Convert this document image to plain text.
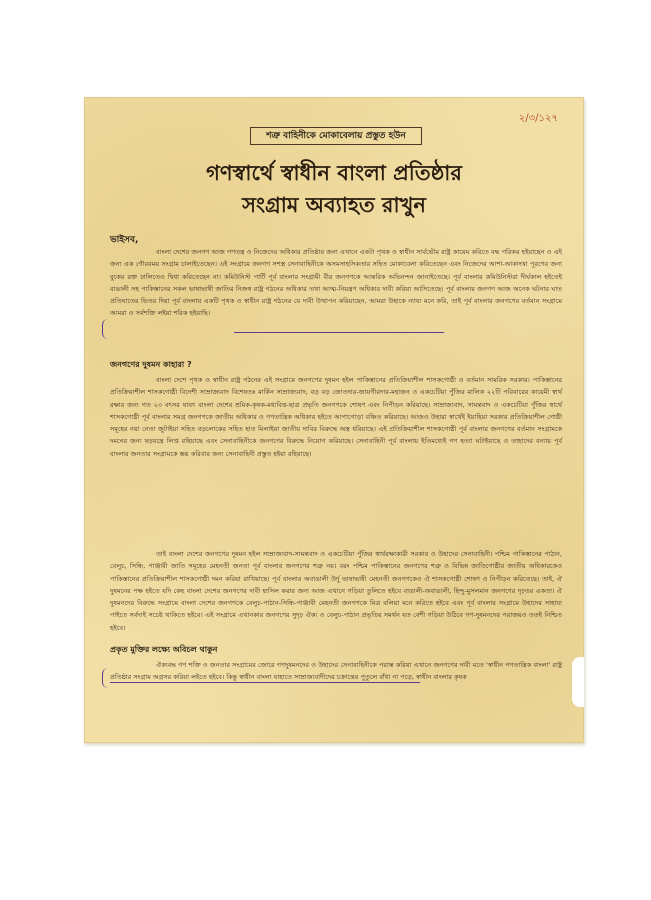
২/৩/১২৭
শত্রু বাহিনীকে মোকাবেলায় প্রস্তুত হউন
গণস্বার্থে স্বাধীন বাংলা প্রতিষ্ঠার
সংগ্রাম অব্যাহত রাখুন
ভাইসব,

বাংলা দেশের জনগণ আজ গণতন্ত্র ও নিজেদের অধিকার প্রতিষ্ঠার জন্য এখানে একটা পৃথক ও স্বাধীন সার্বভৌম রাষ্ট্র কায়েম করিতে বদ্ধ পরিকর হইয়াছেন ও এই জন্য এক গৌরবময় সংগ্রাম চালাইতেছেন। এই সংগ্রামে জনগণ সশস্ত্র সেনাবাহিনীকে অসমসাহসিকতার সহিত মোকাবেলা করিতেছেন এবং নিজেদের আশা-আকাংখা পূরণের জন্য বুকের রক্ত ঢালিতেও দ্বিধা করিতেছেন না। কমিউনিস্ট পার্টি পূর্ব বাংলার সংগ্রামী বীর জনগণকে আন্তরিক অভিনন্দন জানাইতেছে। পূর্ব বাংলার কমিউনিস্টরা দীর্ঘকাল হইতেই বাঙালী সহ পাকিস্তানের সকল ভাষাভাষী জাতির নিজস্ব রাষ্ট্র গঠনের অধিকার তথা আত্ম-নিয়ন্ত্রণ অধিকার দাবী করিয়া আসিতেছে। পূর্ব বাংলার জনগণ আজ অনেক ঘটনার ঘাত প্রতিঘাতের ভিতর দিয়া পূর্ব বাংলায় একটি পৃথক ও স্বাধীন রাষ্ট্র গঠনের যে দাবী উত্থাপন করিয়াছেন, আমরা উহাকে ন্যায্য মনে করি, তাই পূর্ব বাংলার জনগণের বর্তমান সংগ্রামে আমরা ও সর্বশক্তি লইয়া শরিক হইয়াছি।

জনগণের দুষমন কাহারা ?

বাংলা দেশে পৃথক ও স্বাধীন রাষ্ট্র গঠনের এই সংগ্রামে জনগণের দুষমন হইল পাকিস্তানের প্রতিক্রিয়াশীল শাসকগোষ্ঠী ও বর্তমান সামরিক সরকার। পাকিস্তানের প্রতিক্রিয়াশীল শাসকগোষ্ঠী বিদেশী সাম্রাজ্যবাদ বিশেষতঃ মার্কিন সাম্রাজ্যবাদ, বড় বড় জোতদার-জায়গীরদার-মহাজন ও একচেটিয়া পুঁজির মালিক ২২টি পরিবারের কায়েমী স্বার্থ রক্ষার জন্য গত ২৩ বৎসর যাবৎ বাংলা দেশের শ্রমিক-কৃষক-মধ্যবিত্ত-ছাত্র প্রভৃতি জনগণকে শোষণ এবং নিপীড়ন করিয়াছে। সাম্রাজ্যবাদ, সামন্তবাদ ও একচেটিয়া পুঁজির স্বার্থে শাসকগোষ্ঠী পূর্ব বাংলার সমগ্র জনগণকে জাতীয় অধিকার ও গণতান্ত্রিক অধিকার হইতে আগাগোড়া বঞ্চিত করিয়াছে। আজও উহারা স্বার্থেই ইয়াহিয়া সরকার প্রতিক্রিয়াশীল গোষ্ঠী সমূহের নয়া নেতা জুটাইয়া সহিত বড়লোকের সহিত হাত মিলাইয়া জাতীয় দাবির বিরুদ্ধে অস্ত্র ধরিয়াছে। এই প্রতিক্রিয়াশীল শাসকগোষ্ঠী পূর্ব বাংলার জনগণের বর্তমান সংগ্রামকে দমনের জন্য ষড়যন্ত্রে লিপ্ত রহিয়াছে এবং সেনাবাহিনীকে জনগণের বিরুদ্ধে নিয়োগ করিয়াছে। সেনাবাহিনী পূর্ব বাংলায় ইতিমধ্যেই গণ হত্যা ঘটাইয়াছে ও তাহাদের বন্যায় পূর্ব বাংলার জনতার সংগ্রামকে স্তব্ধ করিবার জন্য সেনাবাহিনী প্রস্তুত হইয়া রহিয়াছে।

তাই বাংলা দেশের জনগণের দুষমন হইল সাম্রাজ্যবাদ-সামন্তবাদ ও একচেটিয়া পুঁজির স্বার্থরক্ষাকারী সরকার ও উহাদের সেনাবাহিনী। পশ্চিম পাকিস্তানের পাঠান, বেলুচ, সিন্ধি, পাঞ্জাবী জাতি সমূহের মেহনতী জনতা পূর্ব বাংলার জনগণের শত্রু নয়। বরং পশ্চিম পাকিস্তানের জনগণের শত্রু ও বিভিন্ন জাতিগোষ্ঠীর জাতীয় অধিকারকেও পাকিস্তানের প্রতিক্রিয়াশীল শাসকগোষ্ঠী দমন করিয়া রাখিয়াছে। পূর্ব বাংলার অবাঙালী উর্দু ভাষাভাষী মেহনতী জনগণকেও ঐ শাসকগোষ্ঠী শোষণ ও নিপীড়ন করিতেছে। তাই, ঐ দুষমনের পক্ষ হইতে যদি কেহ বাংলা দেশের জনগণের দাবী হাসিল করার জন্য আজ এখানে গড়িয়া তুলিতে হইবে বাঙালী-অবাঙালী, হিন্দু-মুসলমান জনগণের দৃঢ়তর একতা। ঐ দুষমনদের বিরুদ্ধে সংগ্রামে বাংলা দেশের জনগণকে বেলুচ-পাঠান-সিন্ধি-পাঞ্জাবী মেহনতী জনগণকে মিত্র বলিয়া মনে করিতে হইবে এবং পূর্ব বাংলার সংগ্রামে উহাদের সাহায্য পাইতে সর্বদাই সচেষ্ট থাকিতে হইবে। এই সংগ্রামে এখানকার জনগণের সুদৃঢ় ঐক্য ও বেলুচ-পাঠান প্রভৃতির সমর্থন যত বেশী গড়িয়া উঠিবে গণ-দুষমনদের পরাজয়ও ততই নিশ্চিত হইবে।

প্রকৃত মুক্তির লক্ষ্যে অবিচল থাকুন

ঐক্যবদ্ধ গণ শক্তি ও জনতার সংগ্রামের জোরে গণদুষমনদের ও উহাদের সেনাবাহিনীকে পরাস্ত করিয়া এখানে জনগণের দাবী মতে 'স্বাধীন গণতান্ত্রিক বাংলা' রাষ্ট্র প্রতিষ্ঠার সংগ্রাম অগ্রসর করিয়া লইতে হইবে। কিন্তু স্বাধীন বাংলা যাহাতে সাম্রাজ্যবাদীদের চক্রান্তের পুতুলে বাঁধা না পড়ে, স্বাধীন বাংলার কৃষক
